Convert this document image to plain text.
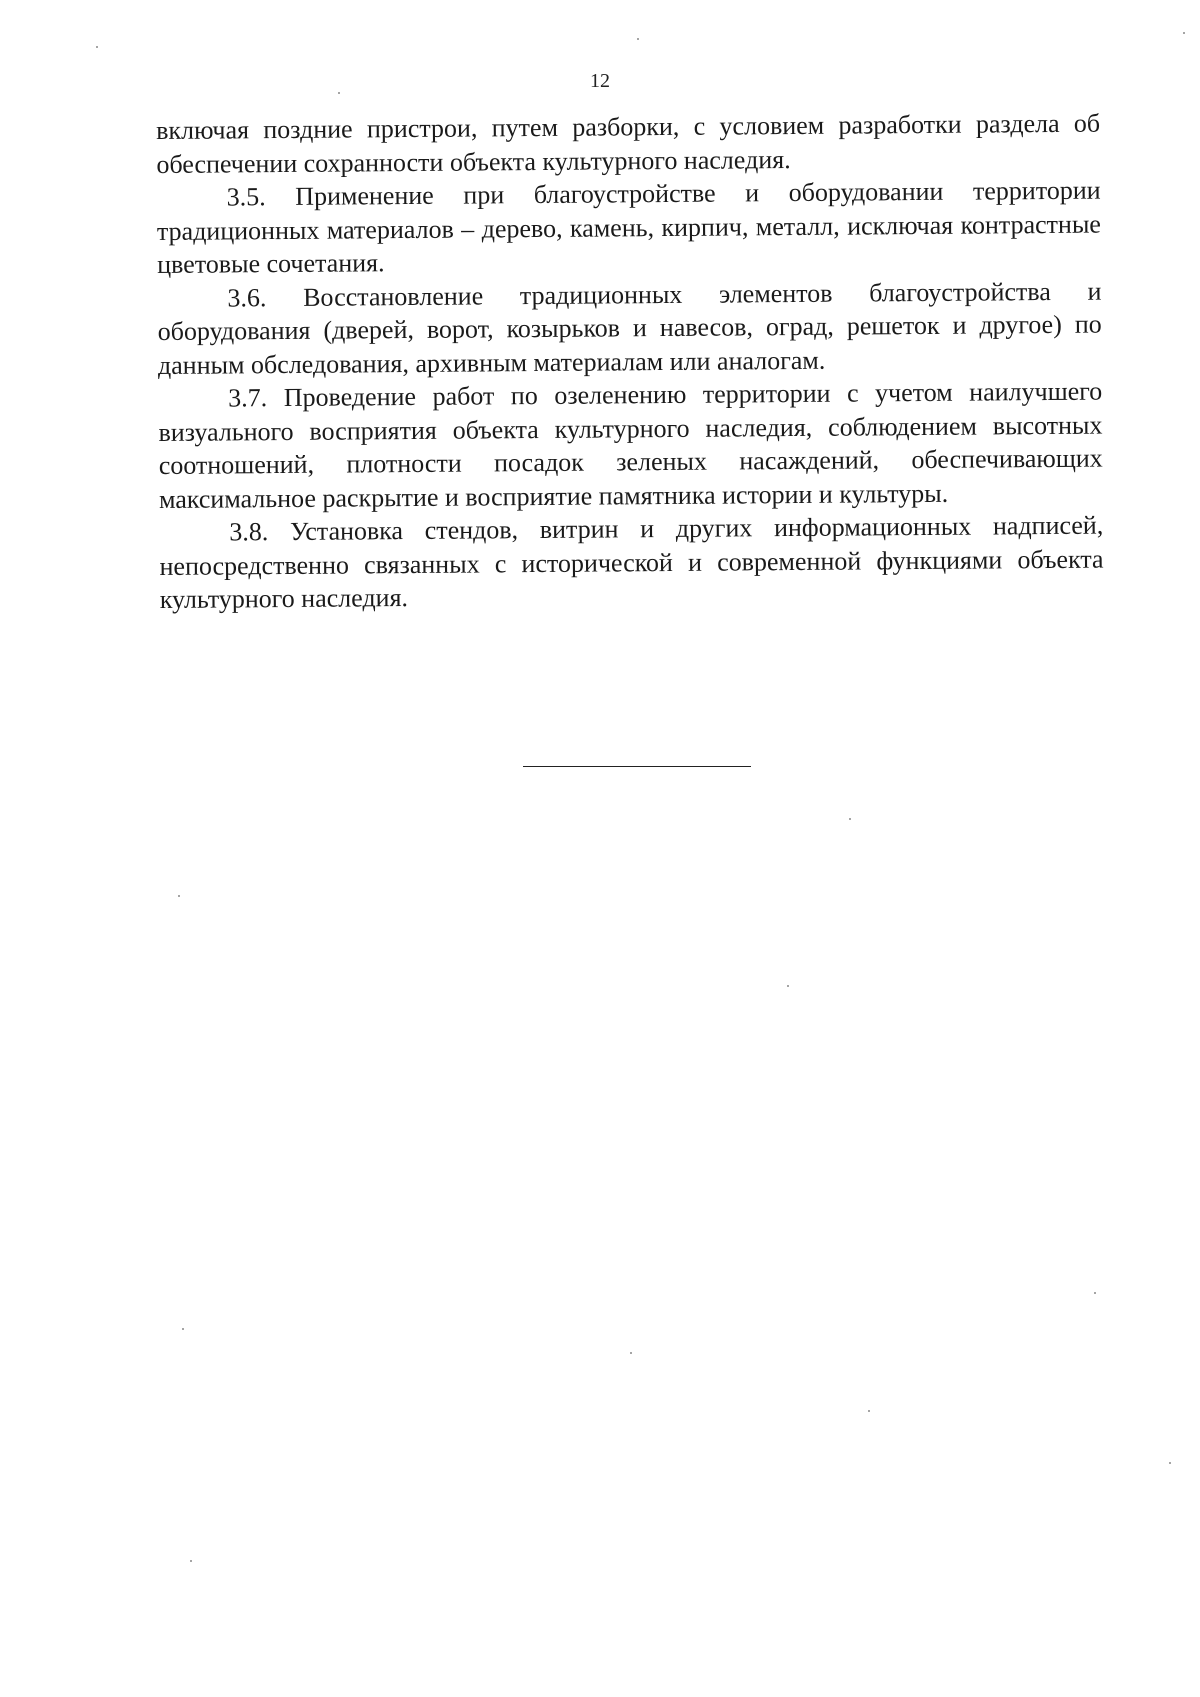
12

включая поздние пристрои, путем разборки, с условием разработки раздела об обеспечении сохранности объекта культурного наследия.

3.5. Применение при благоустройстве и оборудовании территории традиционных материалов – дерево, камень, кирпич, металл, исключая контрастные цветовые сочетания.

3.6. Восстановление традиционных элементов благоустройства и оборудования (дверей, ворот, козырьков и навесов, оград, решеток и другое) по данным обследования, архивным материалам или аналогам.

3.7. Проведение работ по озеленению территории с учетом наилучшего визуального восприятия объекта культурного наследия, соблюдением высотных соотношений, плотности посадок зеленых насаждений, обеспечивающих максимальное раскрытие и восприятие памятника истории и культуры.

3.8. Установка стендов, витрин и других информационных надписей, непосредственно связанных с исторической и современной функциями объекта культурного наследия.
